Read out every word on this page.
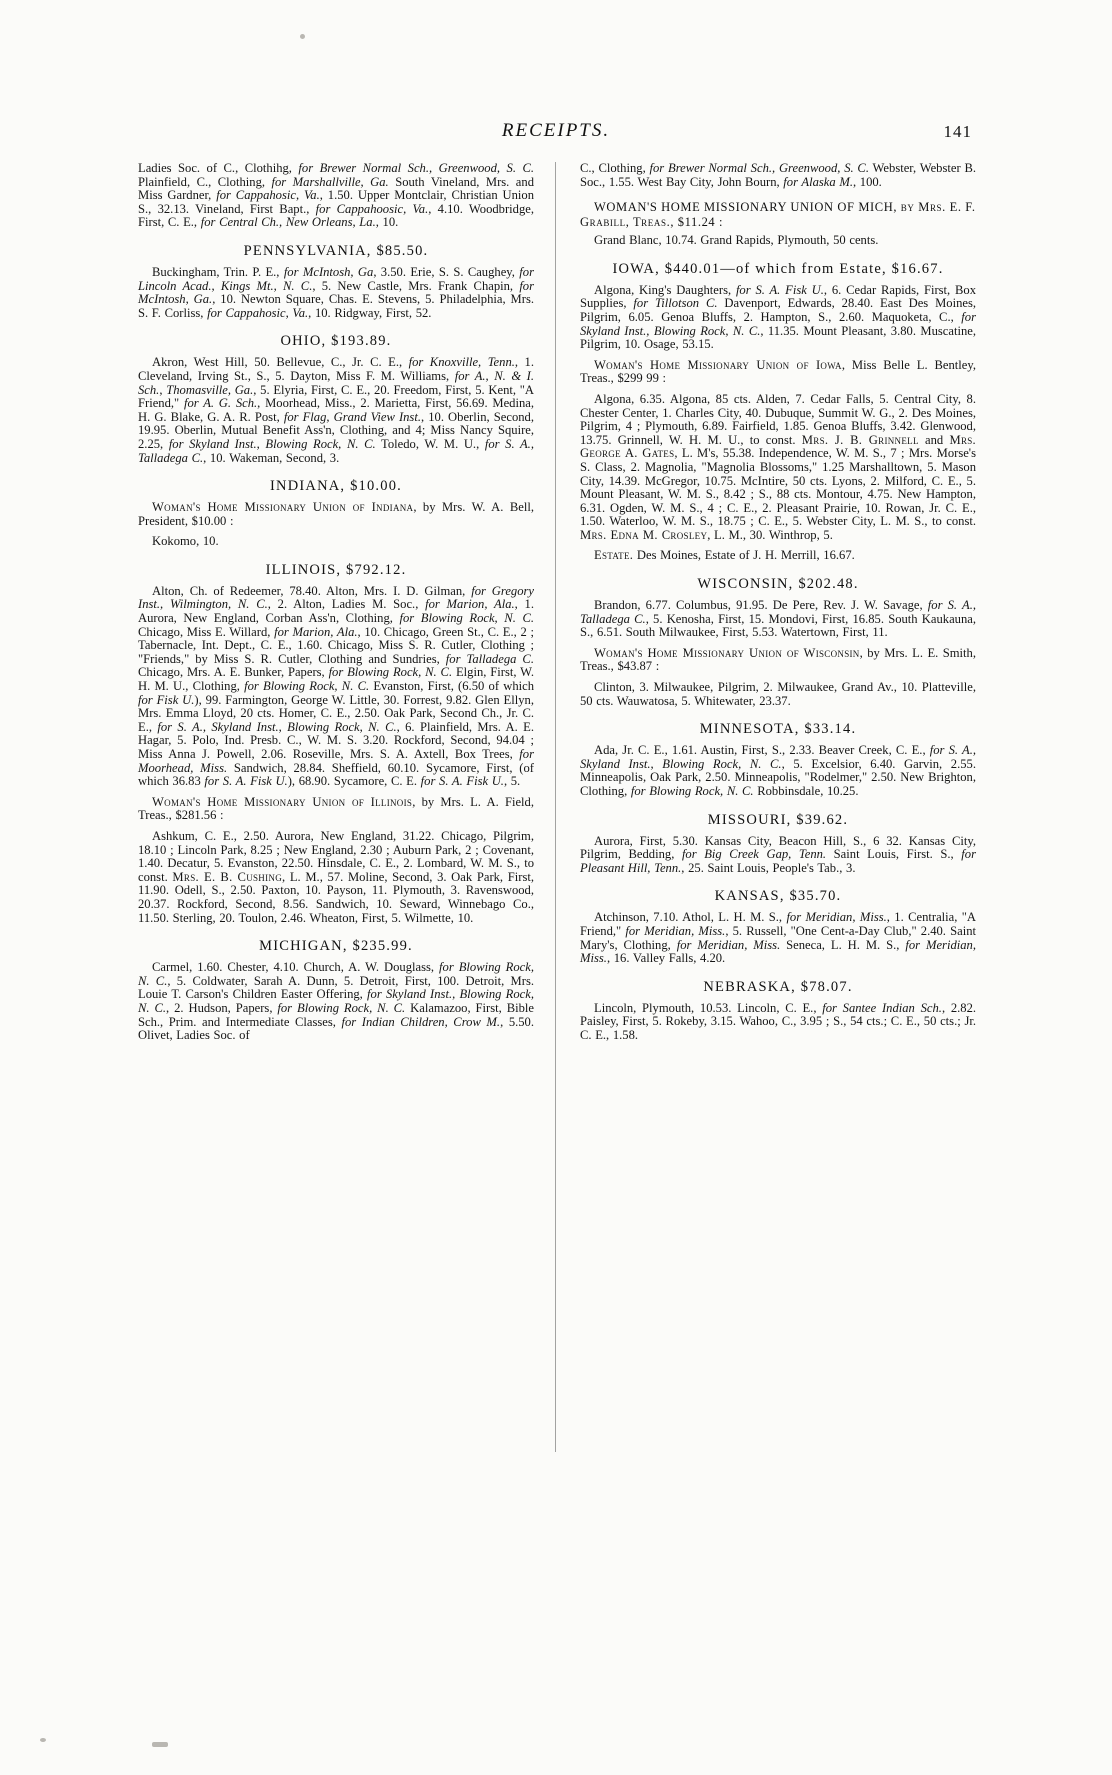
RECEIPTS.	141
Ladies Soc. of C., Clothihg, for Brewer Normal Sch., Greenwood, S. C. Plainfield, C., Clothing, for Marshallville, Ga. South Vineland, Mrs. and Miss Gardner, for Cappahosic, Va., 1.50. Upper Montclair, Christian Union S., 32.13. Vineland, First Bapt., for Cappahoosic, Va., 4.10. Woodbridge, First, C. E., for Central Ch., New Orleans, La., 10.
PENNSYLVANIA, $85.50.
Buckingham, Trin. P. E., for McIntosh, Ga, 3.50. Erie, S. S. Caughey, for Lincoln Acad., Kings Mt., N. C., 5. New Castle, Mrs. Frank Chapin, for McIntosh, Ga., 10. Newton Square, Chas. E. Stevens, 5. Philadelphia, Mrs. S. F. Corliss, for Cappahosic, Va., 10. Ridgway, First, 52.
OHIO, $193.89.
Akron, West Hill, 50. Bellevue, C., Jr. C. E., for Knoxville, Tenn., 1. Cleveland, Irving St., S., 5. Dayton, Miss F. M. Williams, for A., N. & I. Sch., Thomasville, Ga., 5. Elyria, First, C. E., 20. Freedom, First, 5. Kent, "A Friend," for A. G. Sch., Moorhead, Miss., 2. Marietta, First, 56.69. Medina, H. G. Blake, G. A. R. Post, for Flag, Grand View Inst., 10. Oberlin, Second, 19.95. Oberlin, Mutual Benefit Ass'n, Clothing, and 4; Miss Nancy Squire, 2.25, for Skyland Inst., Blowing Rock, N. C. Toledo, W. M. U., for S. A., Talladega C., 10. Wakeman, Second, 3.
INDIANA, $10.00.
Woman's Home Missionary Union of Indiana, by Mrs. W. A. Bell, President, $10.00 :
Kokomo, 10.
ILLINOIS, $792.12.
Alton, Ch. of Redeemer, 78.40. Alton, Mrs. I. D. Gilman, for Gregory Inst., Wilmington, N. C., 2. Alton, Ladies M. Soc., for Marion, Ala., 1. Aurora, New England, Corban Ass'n, Clothing, for Blowing Rock, N. C. Chicago, Miss E. Willard, for Marion, Ala., 10. Chicago, Green St., C. E., 2 ; Tabernacle, Int. Dept., C. E., 1.60. Chicago, Miss S. R. Cutler, Clothing ; "Friends," by Miss S. R. Cutler, Clothing and Sundries, for Talladega C. Chicago, Mrs. A. E. Bunker, Papers, for Blowing Rock, N. C. Elgin, First, W. H. M. U., Clothing, for Blowing Rock, N. C. Evanston, First, (6.50 of which for Fisk U.), 99. Farmington, George W. Little, 30. Forrest, 9.82. Glen Ellyn, Mrs. Emma Lloyd, 20 cts. Homer, C. E., 2.50. Oak Park, Second Ch., Jr. C. E., for S. A., Skyland Inst., Blowing Rock, N. C., 6. Plainfield, Mrs. A. E. Hagar, 5. Polo, Ind. Presb. C., W. M. S. 3.20. Rockford, Second, 94.04 ; Miss Anna J. Powell, 2.06. Roseville, Mrs. S. A. Axtell, Box Trees, for Moorhead, Miss. Sandwich, 28.84. Sheffield, 60.10. Sycamore, First, (of which 36.83 for S. A. Fisk U.), 68.90. Sycamore, C. E. for S. A. Fisk U., 5.
Woman's Home Missionary Union of Illinois, by Mrs. L. A. Field, Treas., $281.56 :
Ashkum, C. E., 2.50. Aurora, New England, 31.22. Chicago, Pilgrim, 18.10 ; Lincoln Park, 8.25 ; New England, 2.30 ; Auburn Park, 2 ; Covenant, 1.40. Decatur, 5. Evanston, 22.50. Hinsdale, C. E., 2. Lombard, W. M. S., to const. Mrs. E. B. Cushing, L. M., 57. Moline, Second, 3. Oak Park, First, 11.90. Odell, S., 2.50. Paxton, 10. Payson, 11. Plymouth, 3. Ravenswood, 20.37. Rockford, Second, 8.56. Sandwich, 10. Seward, Winnebago Co., 11.50. Sterling, 20. Toulon, 2.46. Wheaton, First, 5. Wilmette, 10.
MICHIGAN, $235.99.
Carmel, 1.60. Chester, 4.10. Church, A. W. Douglass, for Blowing Rock, N. C., 5. Coldwater, Sarah A. Dunn, 5. Detroit, First, 100. Detroit, Mrs. Louie T. Carson's Children Easter Offering, for Skyland Inst., Blowing Rock, N. C., 2. Hudson, Papers, for Blowing Rock, N. C. Kalamazoo, First, Bible Sch., Prim. and Intermediate Classes, for Indian Children, Crow M., 5.50. Olivet, Ladies Soc. of
C., Clothing, for Brewer Normal Sch., Greenwood, S. C. Webster, Webster B. Soc., 1.55. West Bay City, John Bourn, for Alaska M., 100.
WOMAN'S HOME MISSIONARY UNION OF MICH, by Mrs. E. F. Grabill, Treas., $11.24 :
Grand Blanc, 10.74. Grand Rapids, Plymouth, 50 cents.
IOWA, $440.01—of which from Estate, $16.67.
Algona, King's Daughters, for S. A. Fisk U., 6. Cedar Rapids, First, Box Supplies, for Tillotson C. Davenport, Edwards, 28.40. East Des Moines, Pilgrim, 6.05. Genoa Bluffs, 2. Hampton, S., 2.60. Maquoketa, C., for Skyland Inst., Blowing Rock, N. C., 11.35. Mount Pleasant, 3.80. Muscatine, Pilgrim, 10. Osage, 53.15.
Woman's Home Missionary Union of Iowa, Miss Belle L. Bentley, Treas., $299 99 :
Algona, 6.35. Algona, 85 cts. Alden, 7. Cedar Falls, 5. Central City, 8. Chester Center, 1. Charles City, 40. Dubuque, Summit W. G., 2. Des Moines, Pilgrim, 4 ; Plymouth, 6.89. Fairfield, 1.85. Genoa Bluffs, 3.42. Glenwood, 13.75. Grinnell, W. H. M. U., to const. Mrs. J. B. Grinnell and Mrs. George A. Gates, L. M's, 55.38. Independence, W. M. S., 7 ; Mrs. Morse's S. Class, 2. Magnolia, "Magnolia Blossoms," 1.25 Marshalltown, 5. Mason City, 14.39. McGregor, 10.75. McIntire, 50 cts. Lyons, 2. Milford, C. E., 5. Mount Pleasant, W. M. S., 8.42 ; S., 88 cts. Montour, 4.75. New Hampton, 6.31. Ogden, W. M. S., 4 ; C. E., 2. Pleasant Prairie, 10. Rowan, Jr. C. E., 1.50. Waterloo, W. M. S., 18.75 ; C. E., 5. Webster City, L. M. S., to const. Mrs. Edna M. Crosley, L. M., 30. Winthrop, 5.
Estate. Des Moines, Estate of J. H. Merrill, 16.67.
WISCONSIN, $202.48.
Brandon, 6.77. Columbus, 91.95. De Pere, Rev. J. W. Savage, for S. A., Talladega C., 5. Kenosha, First, 15. Mondovi, First, 16.85. South Kaukauna, S., 6.51. South Milwaukee, First, 5.53. Watertown, First, 11.
Woman's Home Missionary Union of Wisconsin, by Mrs. L. E. Smith, Treas., $43.87 :
Clinton, 3. Milwaukee, Pilgrim, 2. Milwaukee, Grand Av., 10. Platteville, 50 cts. Wauwatosa, 5. Whitewater, 23.37.
MINNESOTA, $33.14.
Ada, Jr. C. E., 1.61. Austin, First, S., 2.33. Beaver Creek, C. E., for S. A., Skyland Inst., Blowing Rock, N. C., 5. Excelsior, 6.40. Garvin, 2.55. Minneapolis, Oak Park, 2.50. Minneapolis, "Rodelmer," 2.50. New Brighton, Clothing, for Blowing Rock, N. C. Robbinsdale, 10.25.
MISSOURI, $39.62.
Aurora, First, 5.30. Kansas City, Beacon Hill, S., 6 32. Kansas City, Pilgrim, Bedding, for Big Creek Gap, Tenn. Saint Louis, First. S., for Pleasant Hill, Tenn., 25. Saint Louis, People's Tab., 3.
KANSAS, $35.70.
Atchinson, 7.10. Athol, L. H. M. S., for Meridian, Miss., 1. Centralia, "A Friend," for Meridian, Miss., 5. Russell, "One Cent-a-Day Club," 2.40. Saint Mary's, Clothing, for Meridian, Miss. Seneca, L. H. M. S., for Meridian, Miss., 16. Valley Falls, 4.20.
NEBRASKA, $78.07.
Lincoln, Plymouth, 10.53. Lincoln, C. E., for Santee Indian Sch., 2.82. Paisley, First, 5. Rokeby, 3.15. Wahoo, C., 3.95 ; S., 54 cts.; C. E., 50 cts.; Jr. C. E., 1.58.
